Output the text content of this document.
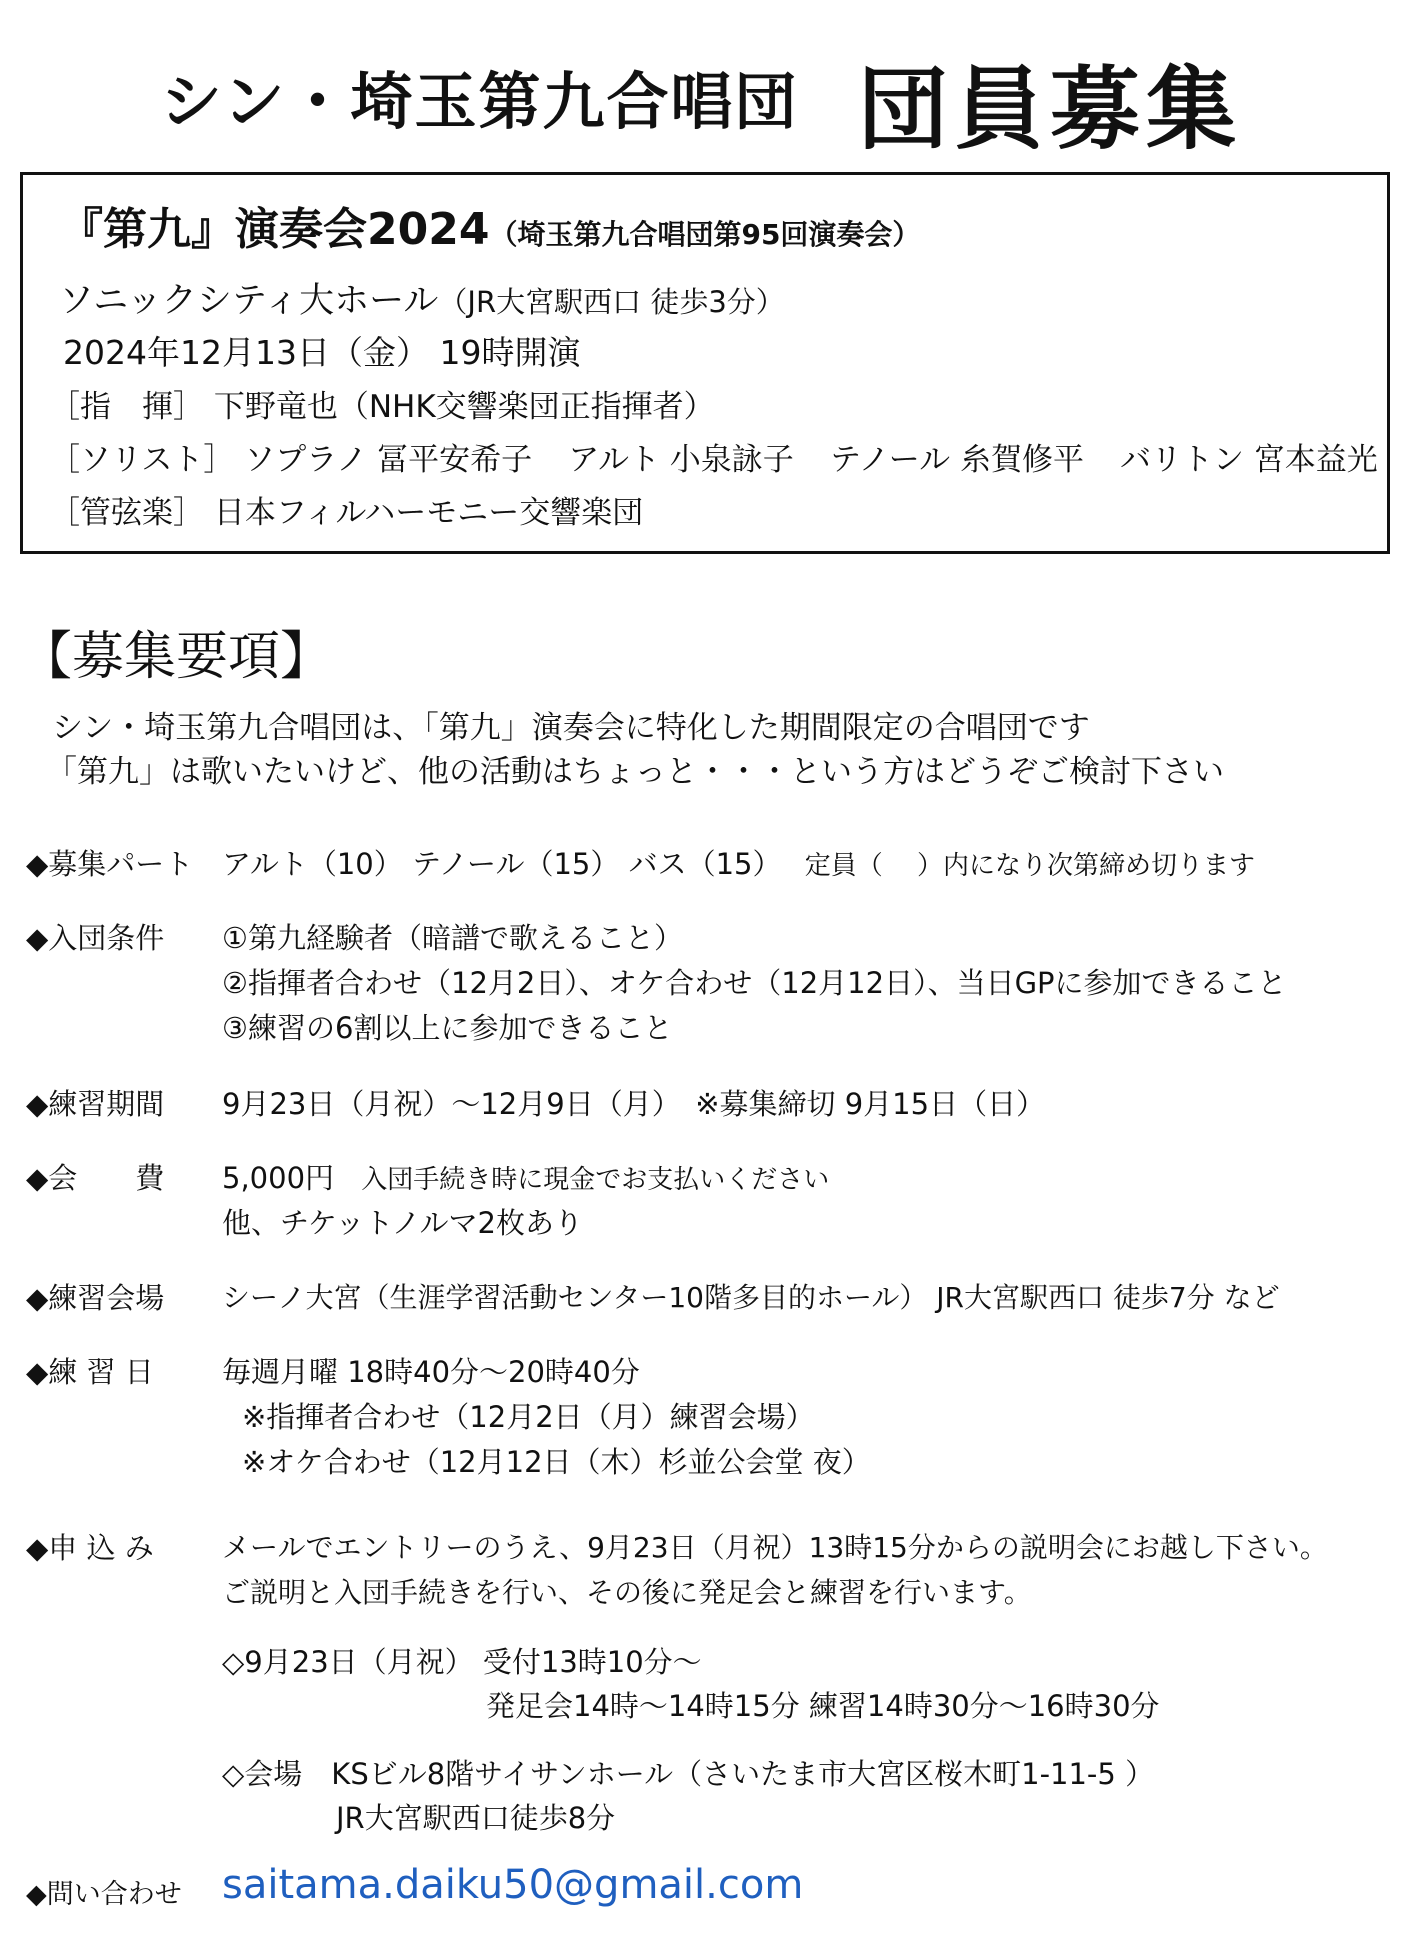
シン・埼玉第九合唱団 団員募集
『第九』演奏会2024（埼玉第九合唱団第95回演奏会）
ソニックシティ大ホール（JR大宮駅西口 徒歩3分）
2024年12月13日（金） 19時開演
［指　揮］ 下野竜也（NHK交響楽団正指揮者）
［ソリスト］ ソプラノ 冨平安希子 アルト 小泉詠子 テノール 糸賀修平 バリトン 宮本益光
［管弦楽］ 日本フィルハーモニー交響楽団
【募集要項】
シン・埼玉第九合唱団は、「第九」演奏会に特化した期間限定の合唱団です
「第九」は歌いたいけど、他の活動はちょっと・・・という方はどうぞご検討下さい
◆募集パート アルト（10） テノール（15） バス（15） 定員（　 ）内になり次第締め切ります
◆入団条件 ①第九経験者（暗譜で歌えること）
②指揮者合わせ（12月2日）、オケ合わせ（12月12日）、当日GPに参加できること
③練習の6割以上に参加できること
◆練習期間 9月23日（月祝）～12月9日（月）　※募集締切 9月15日（日）
◆会　　費 5,000円 入団手続き時に現金でお支払いください
他、チケットノルマ2枚あり
◆練習会場 シーノ大宮（生涯学習活動センター10階多目的ホール） JR大宮駅西口 徒歩7分 など
◆練 習 日 毎週月曜 18時40分～20時40分
※指揮者合わせ（12月2日（月）練習会場）
※オケ合わせ（12月12日（木）杉並公会堂 夜）
◆申 込 み メールでエントリーのうえ、9月23日（月祝）13時15分からの説明会にお越し下さい。
ご説明と入団手続きを行い、その後に発足会と練習を行います。
◇9月23日（月祝） 受付13時10分～
発足会14時～14時15分 練習14時30分～16時30分
◇会場　KSビル8階サイサンホール（さいたま市大宮区桜木町1-11-5 ）
JR大宮駅西口徒歩8分
◆問い合わせ saitama.daiku50@gmail.com
